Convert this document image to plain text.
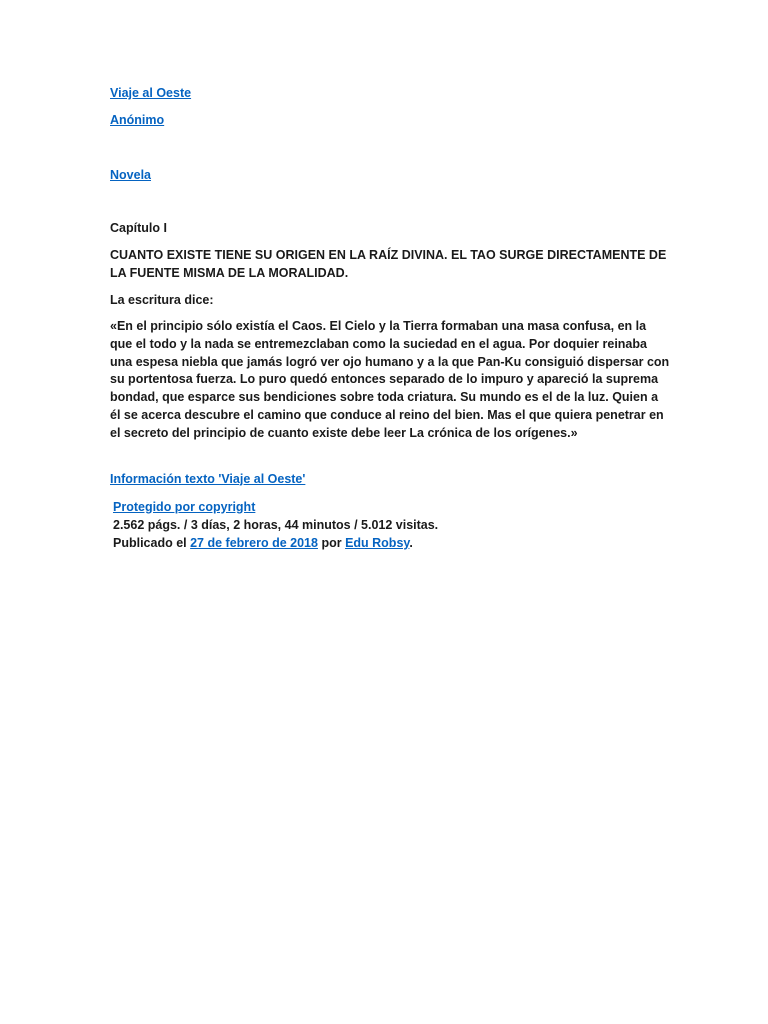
Viaje al Oeste

Anónimo

Novela

Capítulo I

CUANTO EXISTE TIENE SU ORIGEN EN LA RAÍZ DIVINA. EL TAO SURGE DIRECTAMENTE DE LA FUENTE MISMA DE LA MORALIDAD.

La escritura dice:

«En el principio sólo existía el Caos. El Cielo y la Tierra formaban una masa confusa, en la que el todo y la nada se entremezclaban como la suciedad en el agua. Por doquier reinaba una espesa niebla que jamás logró ver ojo humano y a la que Pan-Ku consiguió dispersar con su portentosa fuerza. Lo puro quedó entonces separado de lo impuro y apareció la suprema bondad, que esparce sus bendiciones sobre toda criatura. Su mundo es el de la luz. Quien a él se acerca descubre el camino que conduce al reino del bien. Mas el que quiera penetrar en el secreto del principio de cuanto existe debe leer La crónica de los orígenes.»

Información texto 'Viaje al Oeste'

Protegido por copyright

2.562 págs. / 3 días, 2 horas, 44 minutos / 5.012 visitas.

Publicado el 27 de febrero de 2018 por Edu Robsy.
